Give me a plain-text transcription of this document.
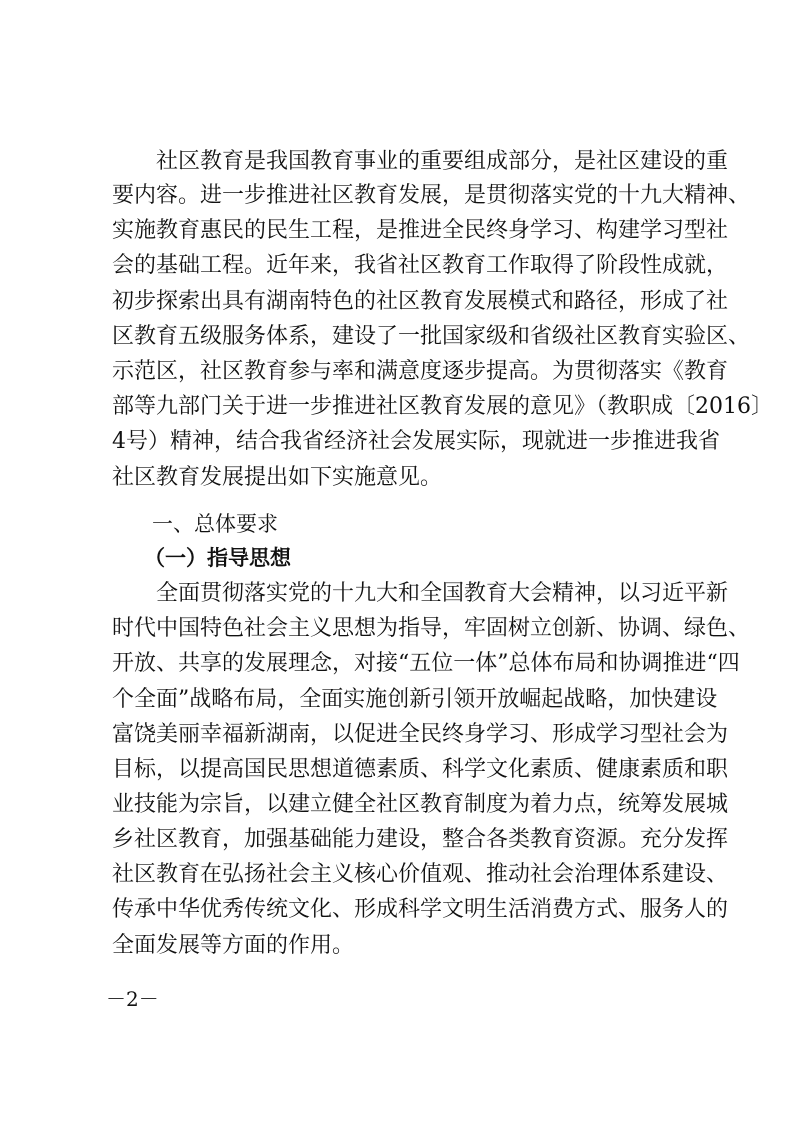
社区教育是我国教育事业的重要组成部分，是社区建设的重
要内容。进一步推进社区教育发展，是贯彻落实党的十九大精神、
实施教育惠民的民生工程，是推进全民终身学习、构建学习型社
会的基础工程。近年来，我省社区教育工作取得了阶段性成就，
初步探索出具有湖南特色的社区教育发展模式和路径，形成了社
区教育五级服务体系，建设了一批国家级和省级社区教育实验区、
示范区，社区教育参与率和满意度逐步提高。为贯彻落实《教育
部等九部门关于进一步推进社区教育发展的意见》（教职成〔2016〕
4号）精神，结合我省经济社会发展实际，现就进一步推进我省
社区教育发展提出如下实施意见。
一、总体要求
（一）指导思想
全面贯彻落实党的十九大和全国教育大会精神，以习近平新
时代中国特色社会主义思想为指导，牢固树立创新、协调、绿色、
开放、共享的发展理念，对接“五位一体”总体布局和协调推进“四
个全面”战略布局，全面实施创新引领开放崛起战略，加快建设
富饶美丽幸福新湖南，以促进全民终身学习、形成学习型社会为
目标，以提高国民思想道德素质、科学文化素质、健康素质和职
业技能为宗旨，以建立健全社区教育制度为着力点，统筹发展城
乡社区教育，加强基础能力建设，整合各类教育资源。充分发挥
社区教育在弘扬社会主义核心价值观、推动社会治理体系建设、
传承中华优秀传统文化、形成科学文明生活消费方式、服务人的
全面发展等方面的作用。
－2－
